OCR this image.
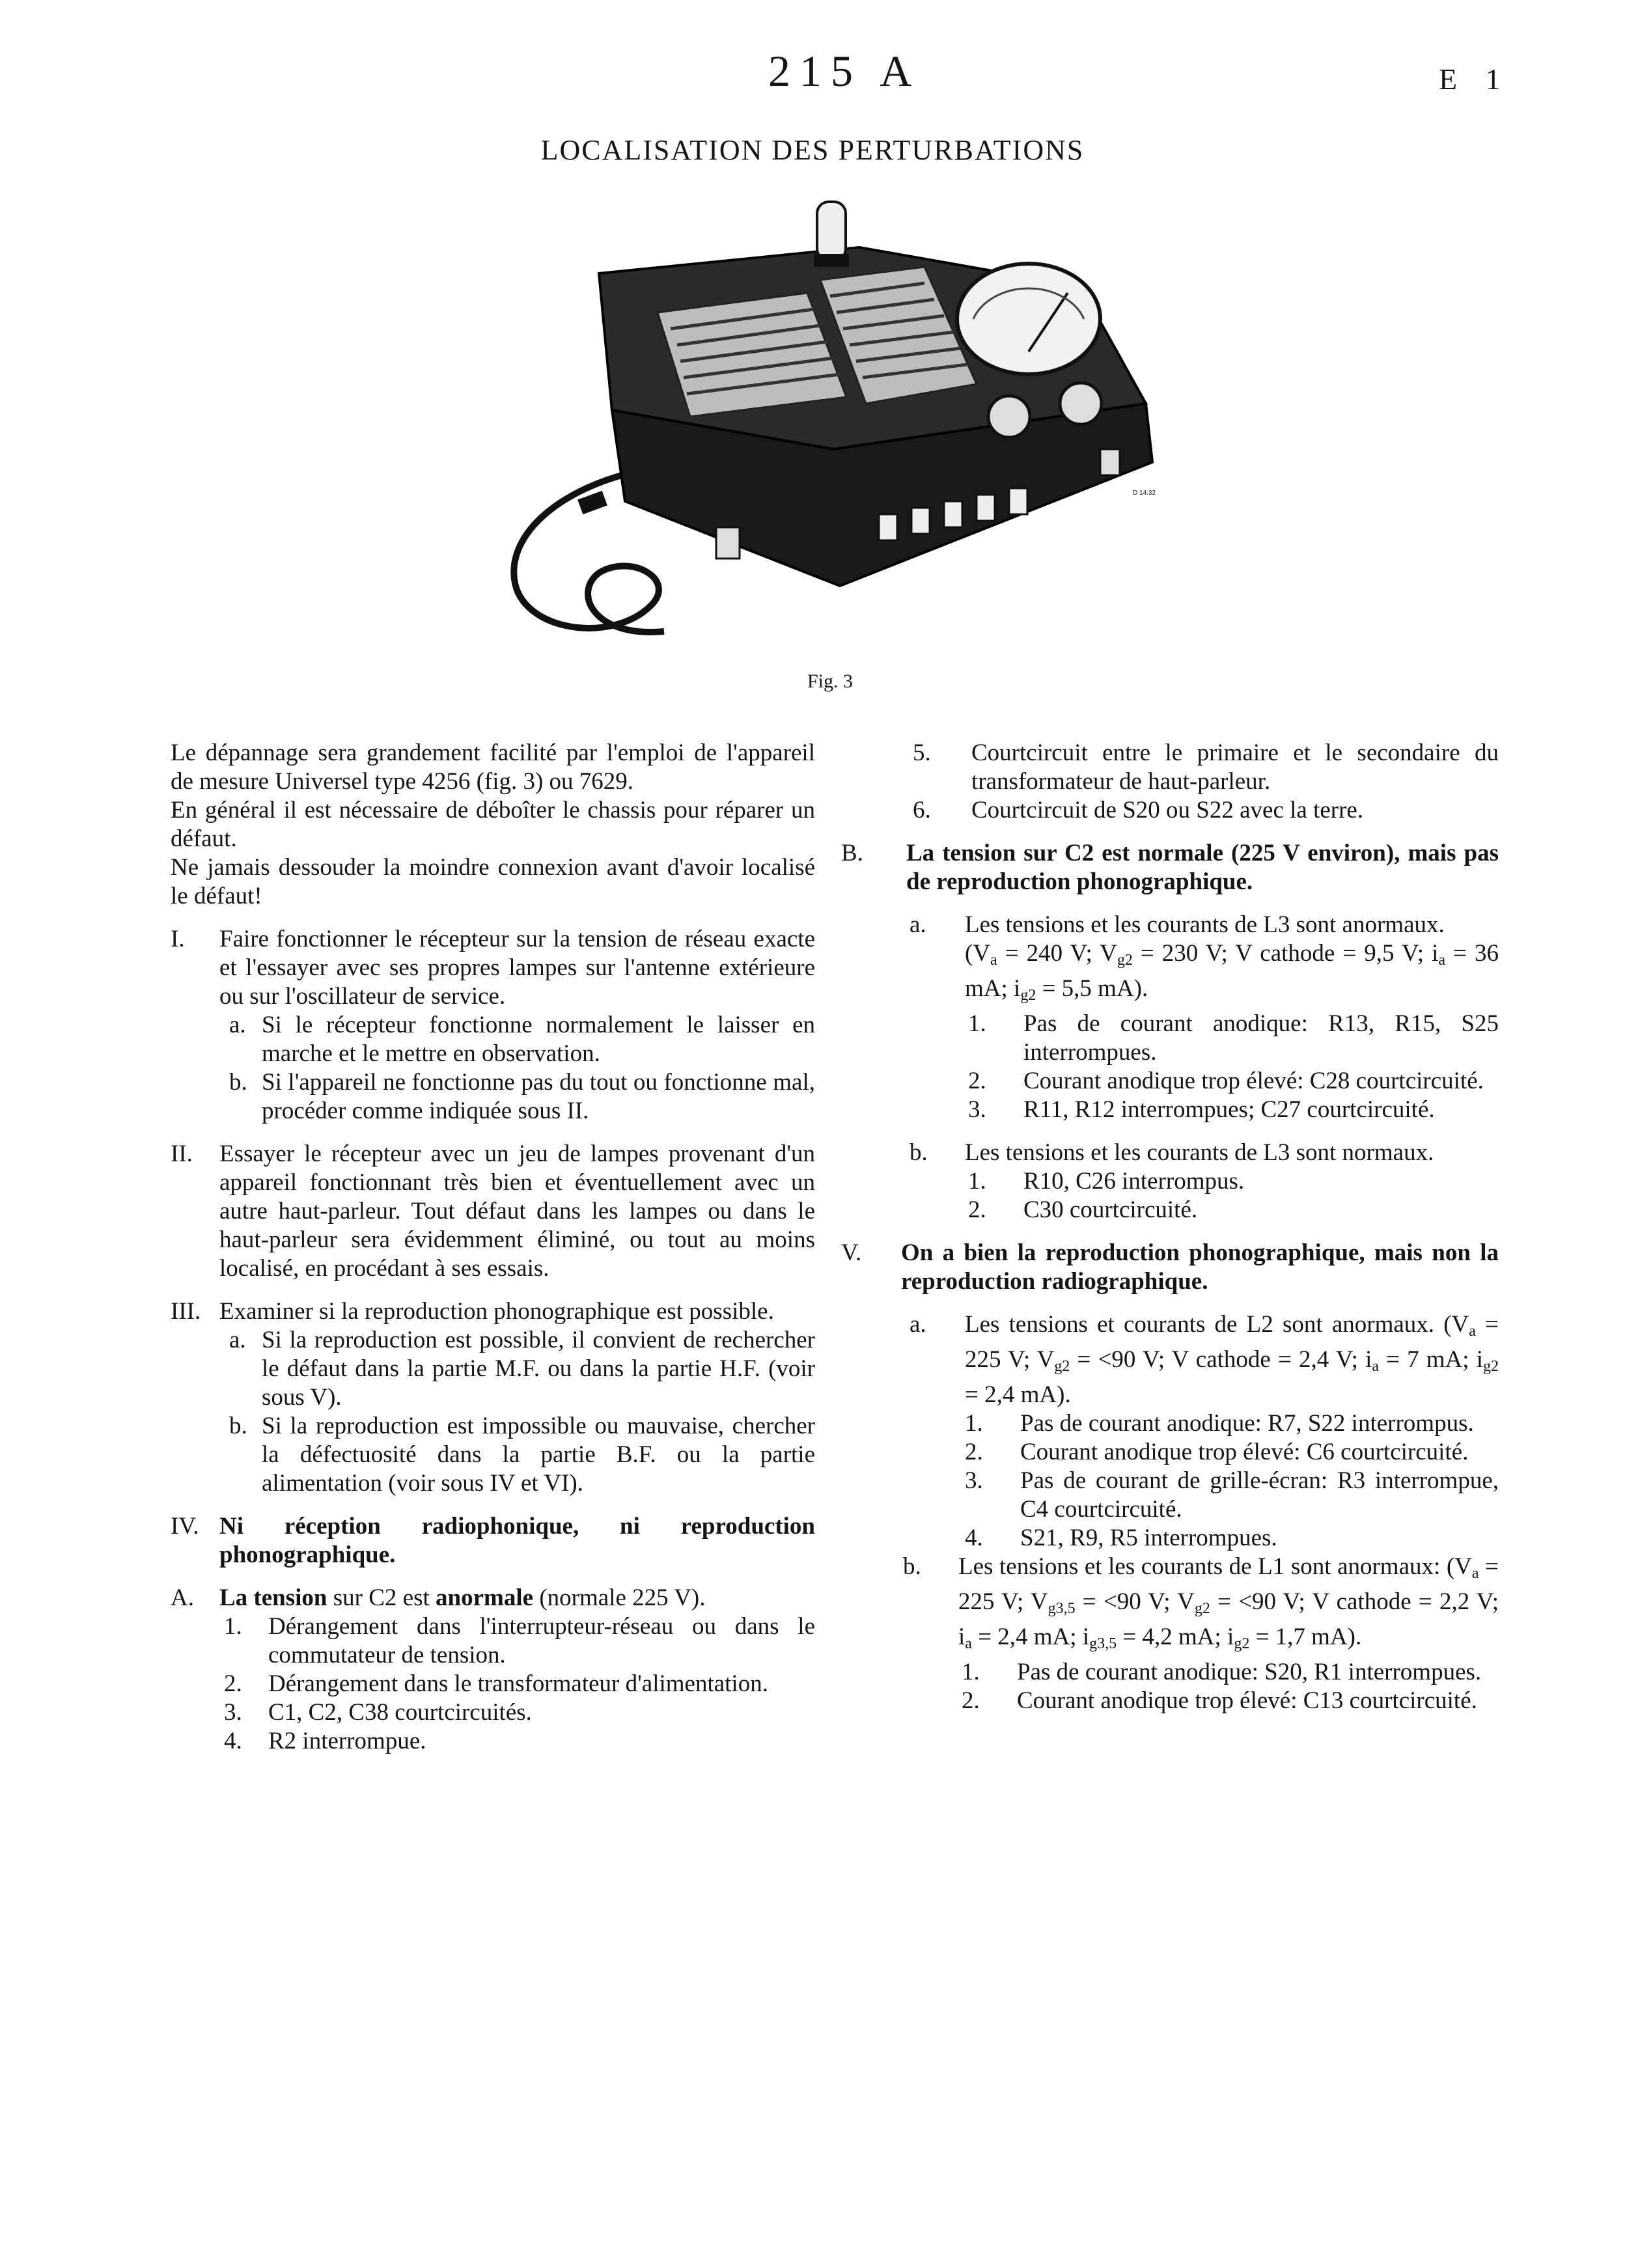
215 A	E 1
LOCALISATION DES PERTURBATIONS
D 14.32
Fig. 3

Le dépannage sera grandement facilité par l'emploi de l'appareil de mesure Universel type 4256 (fig. 3) ou 7629.

En général il est nécessaire de déboîter le chassis pour réparer un défaut.

Ne jamais dessouder la moindre connexion avant d'avoir localisé le défaut!

I. Faire fonctionner le récepteur sur la tension de réseau exacte et l'essayer avec ses propres lampes sur l'antenne extérieure ou sur l'oscillateur de service.
a. Si le récepteur fonctionne normalement le laisser en marche et le mettre en observation.
b. Si l'appareil ne fonctionne pas du tout ou fonctionne mal, procéder comme indiquée sous II.
II. Essayer le récepteur avec un jeu de lampes provenant d'un appareil fonctionnant très bien et éventuellement avec un autre haut-parleur. Tout défaut dans les lampes ou dans le haut-parleur sera évidemment éliminé, ou tout au moins localisé, en procédant à ses essais.
III. Examiner si la reproduction phonographique est possible.
a. Si la reproduction est possible, il convient de rechercher le défaut dans la partie M.F. ou dans la partie H.F. (voir sous V).
b. Si la reproduction est impossible ou mauvaise, chercher la défectuosité dans la partie B.F. ou la partie alimentation (voir sous IV et VI).
IV. Ni réception radiophonique, ni reproduction phonographique.
A. La tension sur C2 est anormale (normale 225 V).
1. Dérangement dans l'interrupteur-réseau ou dans le commutateur de tension.
2. Dérangement dans le transformateur d'alimentation.
3. C1, C2, C38 courtcircuités.
4. R2 interrompue.
5. Courtcircuit entre le primaire et le secondaire du transformateur de haut-parleur.
6. Courtcircuit de S20 ou S22 avec la terre.
B. La tension sur C2 est normale (225 V environ), mais pas de reproduction phonographique.
a. Les tensions et les courants de L3 sont anormaux.
($V_a = 240$ V; $V_{g2} = 230$ V; V cathode = 9,5 V; $i_a = 36$ mA; $i_{g2} = 5,5$ mA).
1. Pas de courant anodique: R13, R15, S25 interrompues.
2. Courant anodique trop élevé: C28 courtcircuité.
3. R11, R12 interrompues; C27 courtcircuité.
b. Les tensions et les courants de L3 sont normaux.
1. R10, C26 interrompus.
2. C30 courtcircuité.
V. On a bien la reproduction phonographique, mais non la reproduction radiographique.
a. Les tensions et courants de L2 sont anormaux. ($V_a = 225$ V; $V_{g2} = <90$ V; V cathode = 2,4 V; $i_a = 7$ mA; $i_{g2} = 2,4$ mA).
1. Pas de courant anodique: R7, S22 interrompus.
2. Courant anodique trop élevé: C6 courtcircuité.
3. Pas de courant de grille-écran: R3 interrompue, C4 courtcircuité.
4. S21, R9, R5 interrompues.
b. Les tensions et les courants de L1 sont anormaux: ($V_a = 225$ V; $V_{g3,5} = <90$ V; $V_{g2} = <90$ V; V cathode = 2,2 V; $i_a = 2,4$ mA; $i_{g3,5} = 4,2$ mA; $i_{g2} = 1,7$ mA).
1. Pas de courant anodique: S20, R1 interrompues.
2. Courant anodique trop élevé: C13 courtcircuité.
